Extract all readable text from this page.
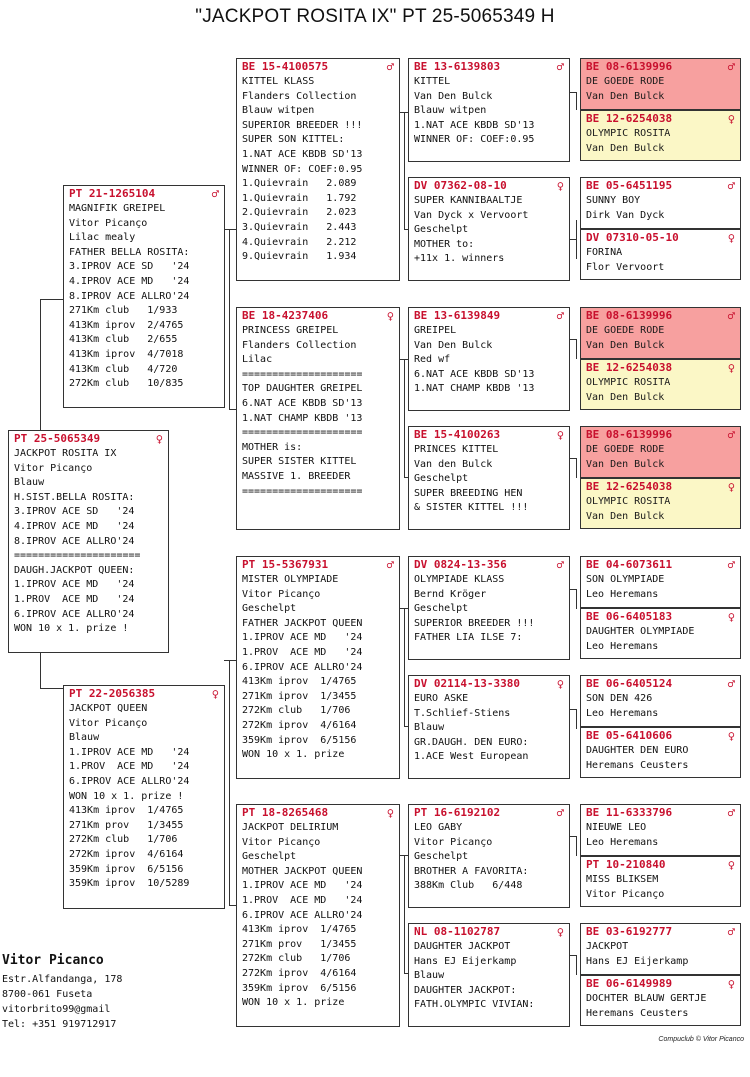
"JACKPOT ROSITA IX" PT 25-5065349 H
PT 25-5065349	♀
JACKPOT ROSITA IX
Vitor Picanço
Blauw
H.SIST.BELLA ROSITA:
3.IPROV ACE SD   '24
4.IPROV ACE MD   '24
8.IPROV ACE ALLRO'24
=====================
DAUGH.JACKPOT QUEEN:
1.IPROV ACE MD   '24
1.PROV  ACE MD   '24
6.IPROV ACE ALLRO'24
WON 10 x 1. prize !
PT 21-1265104	♂
MAGNIFIK GREIPEL
Vitor Picanço
Lilac mealy
FATHER BELLA ROSITA:
3.IPROV ACE SD   '24
4.IPROV ACE MD   '24
8.IPROV ACE ALLRO'24
271Km club   1/933
413Km iprov  2/4765
413Km club   2/655
413Km iprov  4/7018
413Km club   4/720
272Km club   10/835
PT 22-2056385	♀
JACKPOT QUEEN
Vitor Picanço
Blauw
1.IPROV ACE MD   '24
1.PROV  ACE MD   '24
6.IPROV ACE ALLRO'24
WON 10 x 1. prize !
413Km iprov  1/4765
271Km prov   1/3455
272Km club   1/706
272Km iprov  4/6164
359Km iprov  6/5156
359Km iprov  10/5289
BE 15-4100575	♂
KITTEL KLASS
Flanders Collection
Blauw witpen
SUPERIOR BREEDER !!!
SUPER SON KITTEL:
1.NAT ACE KBDB SD'13
WINNER OF: COEF:0.95
1.Quievrain   2.089
1.Quievrain   1.792
2.Quievrain   2.023
3.Quievrain   2.443
4.Quievrain   2.212
9.Quievrain   1.934
BE 18-4237406	♀
PRINCESS GREIPEL
Flanders Collection
Lilac
====================
TOP DAUGHTER GREIPEL
6.NAT ACE KBDB SD'13
1.NAT CHAMP KBDB '13
====================
MOTHER is:
SUPER SISTER KITTEL
MASSIVE 1. BREEDER
====================
PT 15-5367931	♂
MISTER OLYMPIADE
Vitor Picanço
Geschelpt
FATHER JACKPOT QUEEN
1.IPROV ACE MD   '24
1.PROV  ACE MD   '24
6.IPROV ACE ALLRO'24
413Km iprov  1/4765
271Km iprov  1/3455
272Km club   1/706
272Km iprov  4/6164
359Km iprov  6/5156
WON 10 x 1. prize
PT 18-8265468	♀
JACKPOT DELIRIUM
Vitor Picanço
Geschelpt
MOTHER JACKPOT QUEEN
1.IPROV ACE MD   '24
1.PROV  ACE MD   '24
6.IPROV ACE ALLRO'24
413Km iprov  1/4765
271Km prov   1/3455
272Km club   1/706
272Km iprov  4/6164
359Km iprov  6/5156
WON 10 x 1. prize
BE 13-6139803	♂
KITTEL
Van Den Bulck
Blauw witpen
1.NAT ACE KBDB SD'13
WINNER OF: COEF:0.95
DV 07362-08-10	♀
SUPER KANNIBAALTJE
Van Dyck x Vervoort
Geschelpt
MOTHER to:
+11x 1. winners
BE 13-6139849	♂
GREIPEL
Van Den Bulck
Red wf
6.NAT ACE KBDB SD'13
1.NAT CHAMP KBDB '13
BE 15-4100263	♀
PRINCES KITTEL
Van den Bulck
Geschelpt
SUPER BREEDING HEN
& SISTER KITTEL !!!
DV 0824-13-356	♂
OLYMPIADE KLASS
Bernd Kröger
Geschelpt
SUPERIOR BREEDER !!!
FATHER LIA ILSE 7:
DV 02114-13-3380	♀
EURO ASKE
T.Schlief-Stiens
Blauw
GR.DAUGH. DEN EURO:
1.ACE West European
PT 16-6192102	♂
LEO GABY
Vitor Picanço
Geschelpt
BROTHER A FAVORITA:
388Km Club   6/448
NL 08-1102787	♀
DAUGHTER JACKPOT
Hans EJ Eijerkamp
Blauw
DAUGHTER JACKPOT:
FATH.OLYMPIC VIVIAN:
BE 08-6139996	♂
DE GOEDE RODE
Van Den Bulck
BE 12-6254038	♀
OLYMPIC ROSITA
Van Den Bulck
BE 05-6451195	♂
SUNNY BOY
Dirk Van Dyck
DV 07310-05-10	♀
FORINA
Flor Vervoort
BE 08-6139996	♂
DE GOEDE RODE
Van Den Bulck
BE 12-6254038	♀
OLYMPIC ROSITA
Van Den Bulck
BE 08-6139996	♂
DE GOEDE RODE
Van Den Bulck
BE 12-6254038	♀
OLYMPIC ROSITA
Van Den Bulck
BE 04-6073611	♂
SON OLYMPIADE
Leo Heremans
BE 06-6405183	♀
DAUGHTER OLYMPIADE
Leo Heremans
BE 06-6405124	♂
SON DEN 426
Leo Heremans
BE 05-6410606	♀
DAUGHTER DEN EURO
Heremans Ceusters
BE 11-6333796	♂
NIEUWE LEO
Leo Heremans
PT 10-210840	♀
MISS BLIKSEM
Vitor Picanço
BE 03-6192777	♂
JACKPOT
Hans EJ Eijerkamp
BE 06-6149989	♀
DOCHTER BLAUW GERTJE
Heremans Ceusters
Vitor Picanco
Estr.Alfandanga, 178
8700-061 Fuseta
vitorbrito99@gmail
Tel: +351 919712917
Compuclub © Vitor Picanco
